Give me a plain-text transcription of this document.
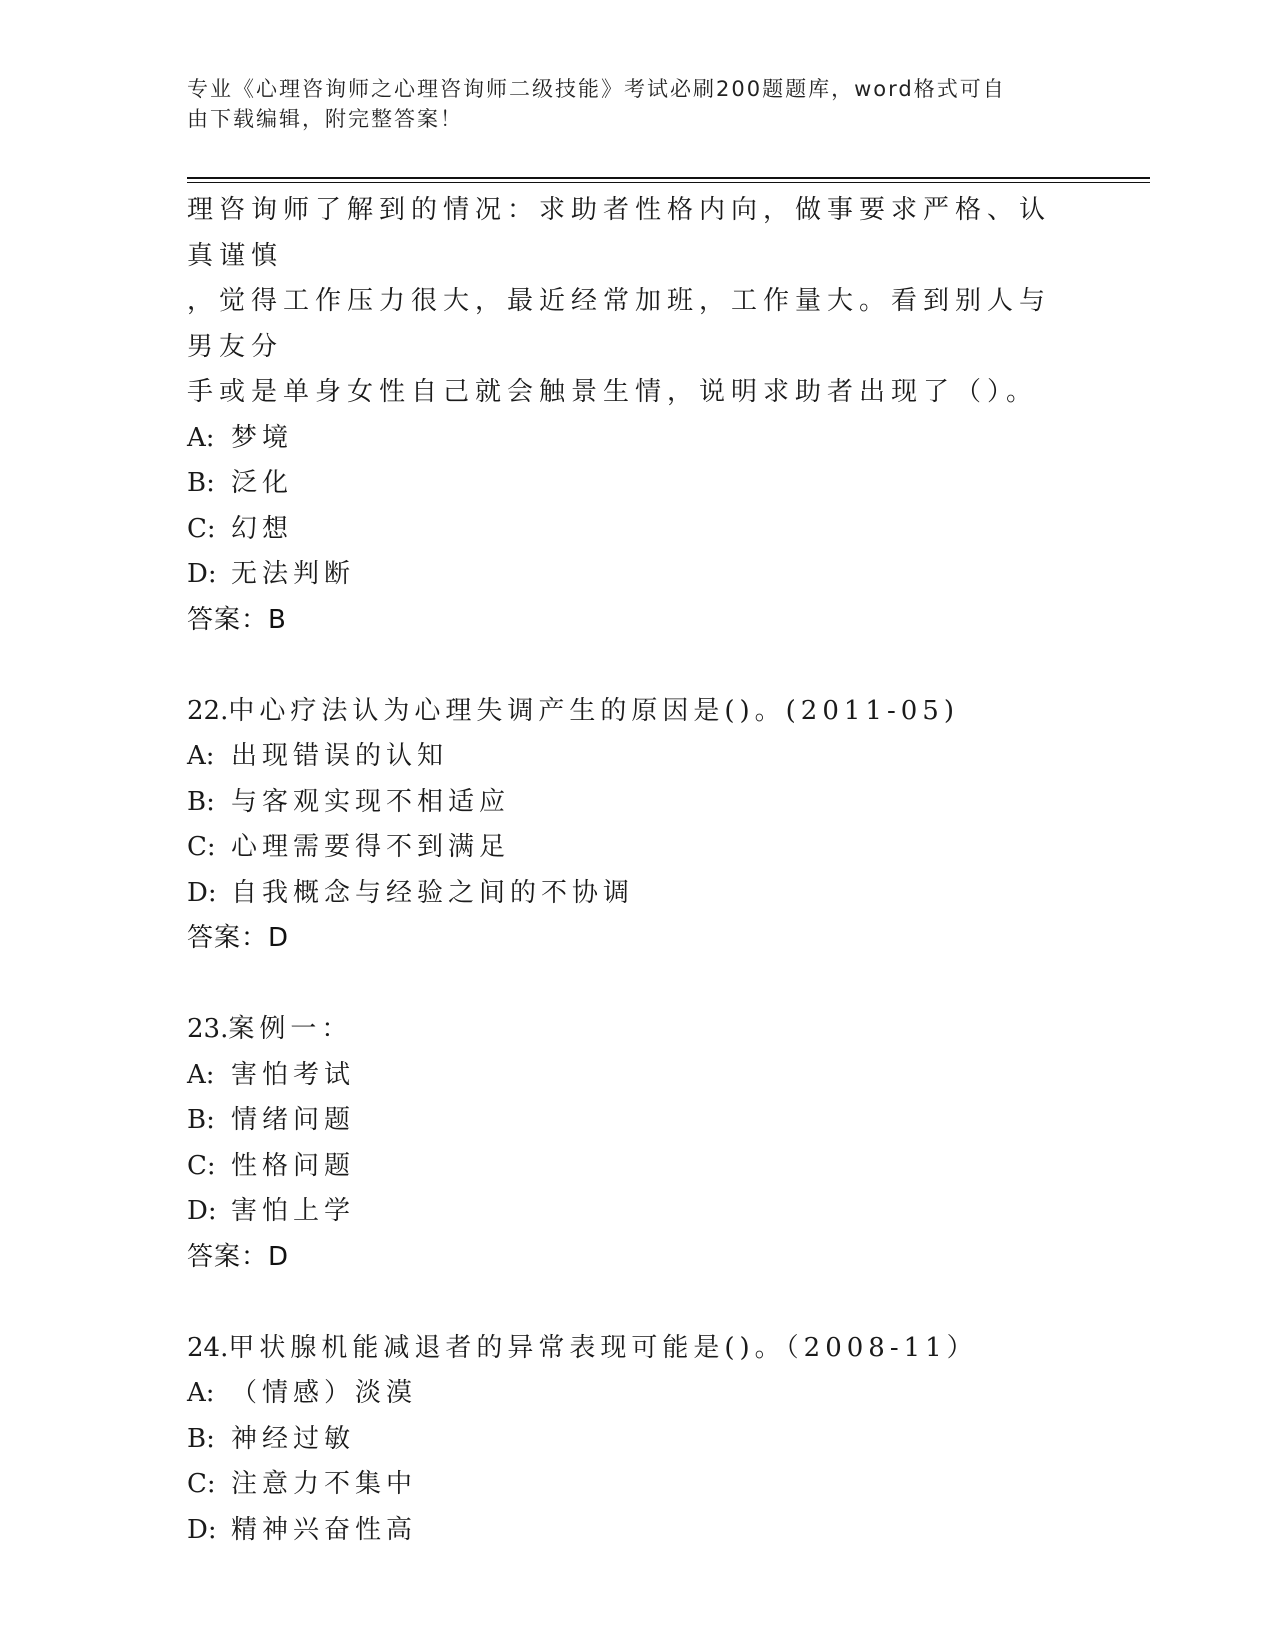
专业《心理咨询师之心理咨询师二级技能》考试必刷200题题库，word格式可自
由下载编辑，附完整答案！
理咨询师了解到的情况：求助者性格内向，做事要求严格、认真谨慎
，觉得工作压力很大，最近经常加班，工作量大。看到别人与男友分
手或是单身女性自己就会触景生情，说明求助者出现了（）。
A: 梦境
B: 泛化
C: 幻想
D: 无法判断
答案：B
22.中心疗法认为心理失调产生的原因是()。(2011-05)
A: 出现错误的认知
B: 与客观实现不相适应
C: 心理需要得不到满足
D: 自我概念与经验之间的不协调
答案：D
23.案例一：
A: 害怕考试
B: 情绪问题
C: 性格问题
D: 害怕上学
答案：D
24.甲状腺机能减退者的异常表现可能是()。（2008-11）
A: （情感）淡漠
B: 神经过敏
C: 注意力不集中
D: 精神兴奋性高
